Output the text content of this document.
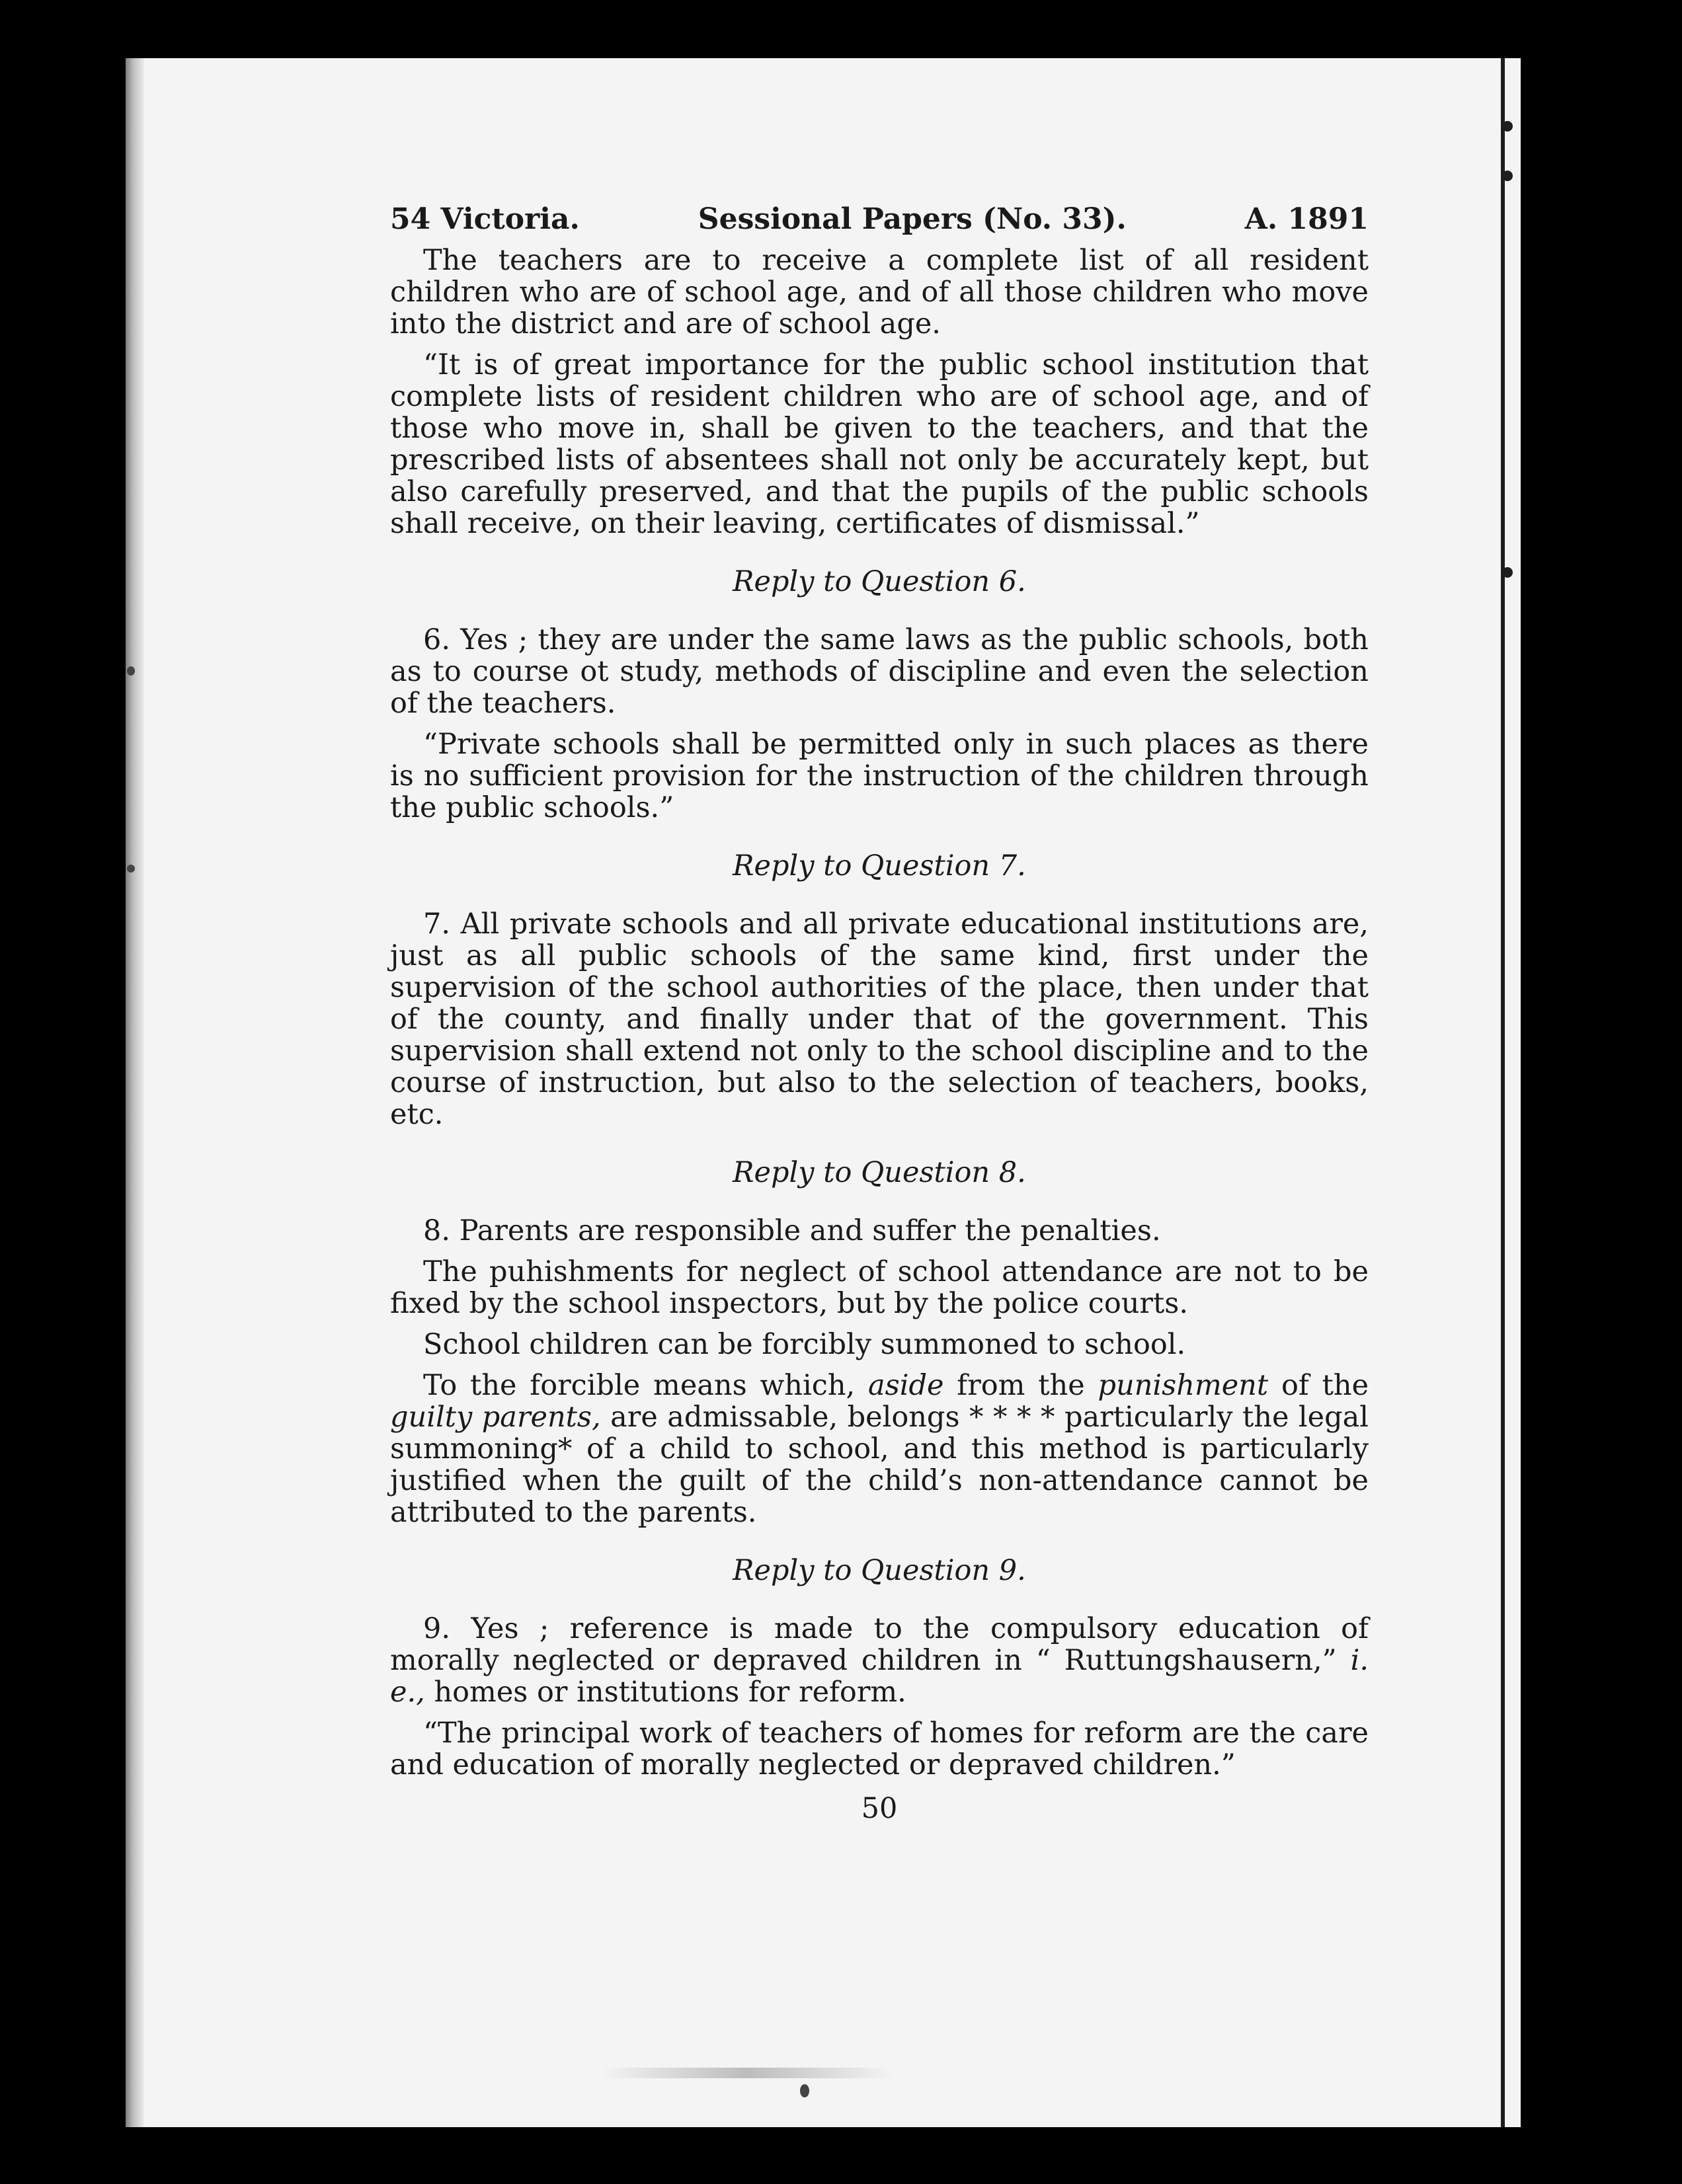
54 Victoria.	Sessional Papers (No. 33).	A. 1891

The teachers are to receive a complete list of all resident children who are of school age, and of all those children who move into the district and are of school age.

“It is of great importance for the public school institution that complete lists of resident children who are of school age, and of those who move in, shall be given to the teachers, and that the prescribed lists of absentees shall not only be accurately kept, but also carefully preserved, and that the pupils of the public schools shall receive, on their leaving, certificates of dismissal.”

Reply to Question 6.

6. Yes ; they are under the same laws as the public schools, both as to course ot study, methods of discipline and even the selection of the teachers.

“Private schools shall be permitted only in such places as there is no sufficient provision for the instruction of the children through the public schools.”

Reply to Question 7.

7. All private schools and all private educational institutions are, just as all public schools of the same kind, first under the supervision of the school authorities of the place, then under that of the county, and finally under that of the government. This supervision shall extend not only to the school discipline and to the course of instruction, but also to the selection of teachers, books, etc.

Reply to Question 8.

8. Parents are responsible and suffer the penalties.

The puhishments for neglect of school attendance are not to be fixed by the school inspectors, but by the police courts.

School children can be forcibly summoned to school.

To the forcible means which, aside from the punishment of the guilty parents, are admissable, belongs * * * * particularly the legal summoning* of a child to school, and this method is particularly justified when the guilt of the child’s non-attendance cannot be attributed to the parents.

Reply to Question 9.

9. Yes ; reference is made to the compulsory education of morally neglected or depraved children in “ Ruttungshausern,” i. e., homes or institutions for reform.

“The principal work of teachers of homes for reform are the care and education of morally neglected or depraved children.”

50
